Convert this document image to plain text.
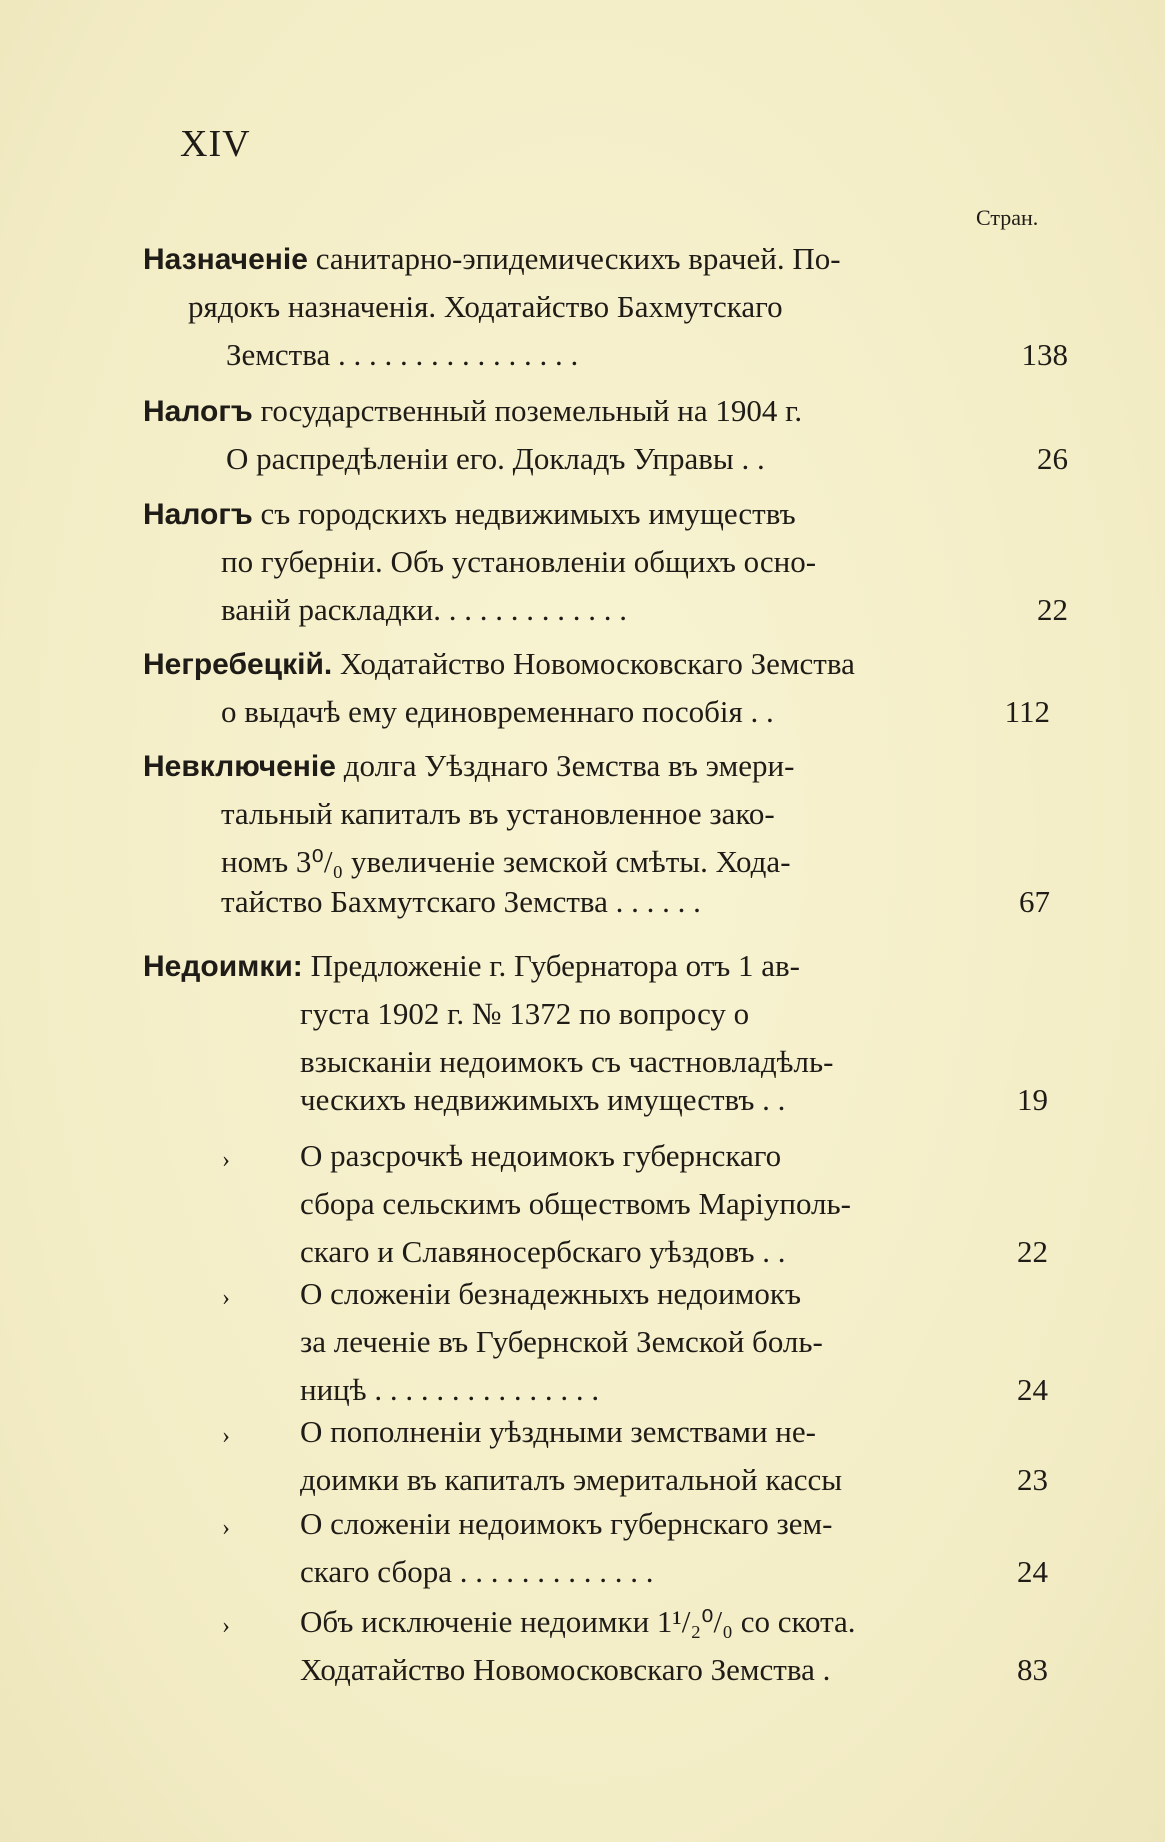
XIV
Стран.
Назначеніе санитарно-эпидемическихъ врачей. По-
рядокъ назначенія. Ходатайство Бахмутскаго
Земства . . . . . . . . . . . . . . . .	138
Налогъ государственный поземельный на 1904 г.
О распредѣленіи его. Докладъ Управы . .	26
Налогъ съ городскихъ недвижимыхъ имуществъ
по губерніи. Объ установленіи общихъ осно-
ваній раскладки. . . . . . . . . . . . .	22
Негребецкій. Ходатайство Новомосковскаго Земства
о выдачѣ ему единовременнаго пособія . .	112
Невключеніе долга Уѣзднаго Земства въ эмери-
тальный капиталъ въ установленное зако-
номъ 3⁰/₀ увеличеніе земской смѣты. Хода-
тайство Бахмутскаго Земства . . . . . .	67
Недоимки: Предложеніе г. Губернатора отъ 1 ав-
густа 1902 г. № 1372 по вопросу о
взысканіи недоимокъ съ частновладѣль-
ческихъ недвижимыхъ имуществъ . .	19
› О разсрочкѣ недоимокъ губернскаго
сбора сельскимъ обществомъ Маріуполь-
скаго и Славяносербскаго уѣздовъ . .	22
› О сложеніи безнадежныхъ недоимокъ
за леченіе въ Губернской Земской боль-
ницѣ . . . . . . . . . . . . . . .	24
› О пополненіи уѣздными земствами не-
доимки въ капиталъ эмеритальной кассы	23
› О сложеніи недоимокъ губернскаго зем-
скаго сбора . . . . . . . . . . . . .	24
› Объ исключеніе недоимки 1¹/₂⁰/₀ со скота.
Ходатайство Новомосковскаго Земства .	83
